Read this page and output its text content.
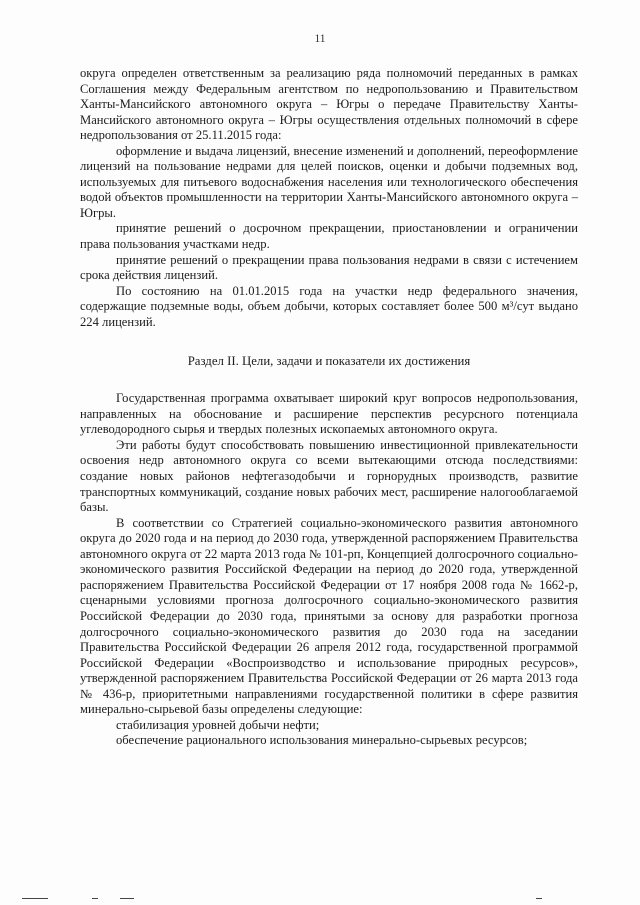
11

округа определен ответственным за реализацию ряда полномочий переданных в рамках Соглашения между Федеральным агентством по недропользованию и Правительством Ханты-Мансийского автономного округа – Югры о передаче Правительству Ханты-Мансийского автономного округа – Югры осуществления отдельных полномочий в сфере недропользования от 25.11.2015 года:

оформление и выдача лицензий, внесение изменений и дополнений, переоформление лицензий на пользование недрами для целей поисков, оценки и добычи подземных вод, используемых для питьевого водоснабжения населения или технологического обеспечения водой объектов промышленности на территории Ханты-Мансийского автономного округа – Югры.

принятие решений о досрочном прекращении, приостановлении и ограничении права пользования участками недр.

принятие решений о прекращении права пользования недрами в связи с истечением срока действия лицензий.

По состоянию на 01.01.2015 года на участки недр федерального значения, содержащие подземные воды, объем добычи, которых составляет более 500 м³/сут выдано 224 лицензий.

Раздел II. Цели, задачи и показатели их достижения

Государственная программа охватывает широкий круг вопросов недропользования, направленных на обоснование и расширение перспектив ресурсного потенциала углеводородного сырья и твердых полезных ископаемых автономного округа.

Эти работы будут способствовать повышению инвестиционной привлекательности освоения недр автономного округа со всеми вытекающими отсюда последствиями: создание новых районов нефтегазодобычи и горнорудных производств, развитие транспортных коммуникаций, создание новых рабочих мест, расширение налогооблагаемой базы.

В соответствии со Стратегией социально-экономического развития автономного округа до 2020 года и на период до 2030 года, утвержденной распоряжением Правительства автономного округа от 22 марта 2013 года № 101-рп, Концепцией долгосрочного социально-экономического развития Российской Федерации на период до 2020 года, утвержденной распоряжением Правительства Российской Федерации от 17 ноября 2008 года № 1662-р, сценарными условиями прогноза долгосрочного социально-экономического развития Российской Федерации до 2030 года, принятыми за основу для разработки прогноза долгосрочного социально-экономического развития до 2030 года на заседании Правительства Российской Федерации 26 апреля 2012 года, государственной программой Российской Федерации «Воспроизводство и использование природных ресурсов», утвержденной распоряжением Правительства Российской Федерации от 26 марта 2013 года № 436-р, приоритетными направлениями государственной политики в сфере развития минерально-сырьевой базы определены следующие:

стабилизация уровней добычи нефти;

обеспечение рационального использования минерально-сырьевых ресурсов;
